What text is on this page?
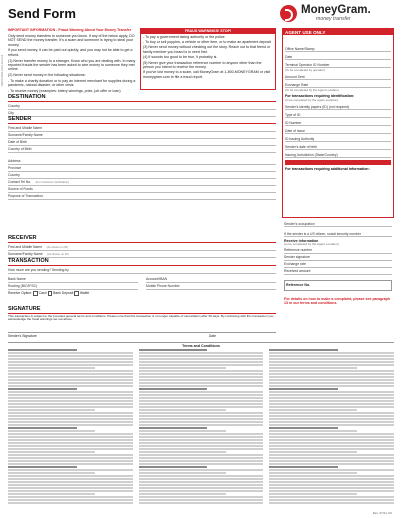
MGSFRM-USA-Rev03
Send Form	MoneyGram.
money transfer

IMPORTANT INFORMATION - Fraud Warning About Your Money Transfer

Only send money transfers to someone you know. If any of the below apply, DO NOT SEND the money transfer. It's a scam and someone is trying to steal your money.

If you send money, it can be paid out quickly, and you may not be able to get a refund.

(1) Never transfer money to a stranger. Know who you are dealing with. In many reported frauds the sender has been asked to wire money to someone they met online.

(2) Never send money in the following situations:

- To make a charity donation or to pay an internet merchant for supplies during a pandemic, natural disaster, or other crisis

- To receive money (examples: lottery winnings, prize, job offer or loan)

FRAUD WARNINGS! STOP!

- To pay a government taxing authority or the police

- To buy or sell puppies, a vehicle or other item, or to make an apartment deposit

(3) Never send money without checking out the story. Reach out to that friend or family member you heard is in need first.

(4) If sounds too good to be true, it probably is.

(5) Never give your transaction reference number to anyone other than the person you intend to receive the money.

If you've lost money to a scam, call MoneyGram at 1-800-MONEYGRAM or visit moneygram.com to file a fraud report.

DESTINATION
Country
City
SENDER
First and Middle Name
Surname/Family Name
Date of Birth
Country of Birth
Address
Province
Country
Contact Tel No.
(For Customer Verification)
Source of Funds
Purpose of Transaction
RECEIVER
First and Middle Name
(As shown on ID)
Surname/Family Name
(As shown on ID)
TRANSACTION
How much are you sending? Sending by
Bank Name	Account/IBAN
Routing (BIC/IFSC)	Mobile Phone Number
Receive Option: Cash Bank Deposit Wallet
SIGNATURE
This transaction is subject to the provided general terms and conditions. Please note that this transaction is no longer capable of cancellation after 30 days. By continuing with this transaction you acknowledge the fraud warnings set out above.
Sender's Signature	Date
AGENT USE ONLY
Office Name/Stamp
Date
Terminal Operator ID Number
(To be completed by operator)
Amount Sent
Exchange Rate
(To be completed by the Agent Location)
For transactions requiring identification:
(to be completed by the Agent Location)
Sender's identity papers (ID) (not required)
Type of ID
ID Number
Date of Issue
ID Issuing Authority
Sender's date of birth
Issuing Jurisdiction (State/Country)
For transactions requiring additional information:
Sender's occupation
If the sender is a US citizen, social security number
Receive information
(to be completed by the Agent Location)
Reference number
Sender signature
Exchange rate
Received amount
Reference No.

For details on how to make a complaint, please see paragraph 13 in our terms and conditions.

Terms and Conditions
Rev. 07/21 US
